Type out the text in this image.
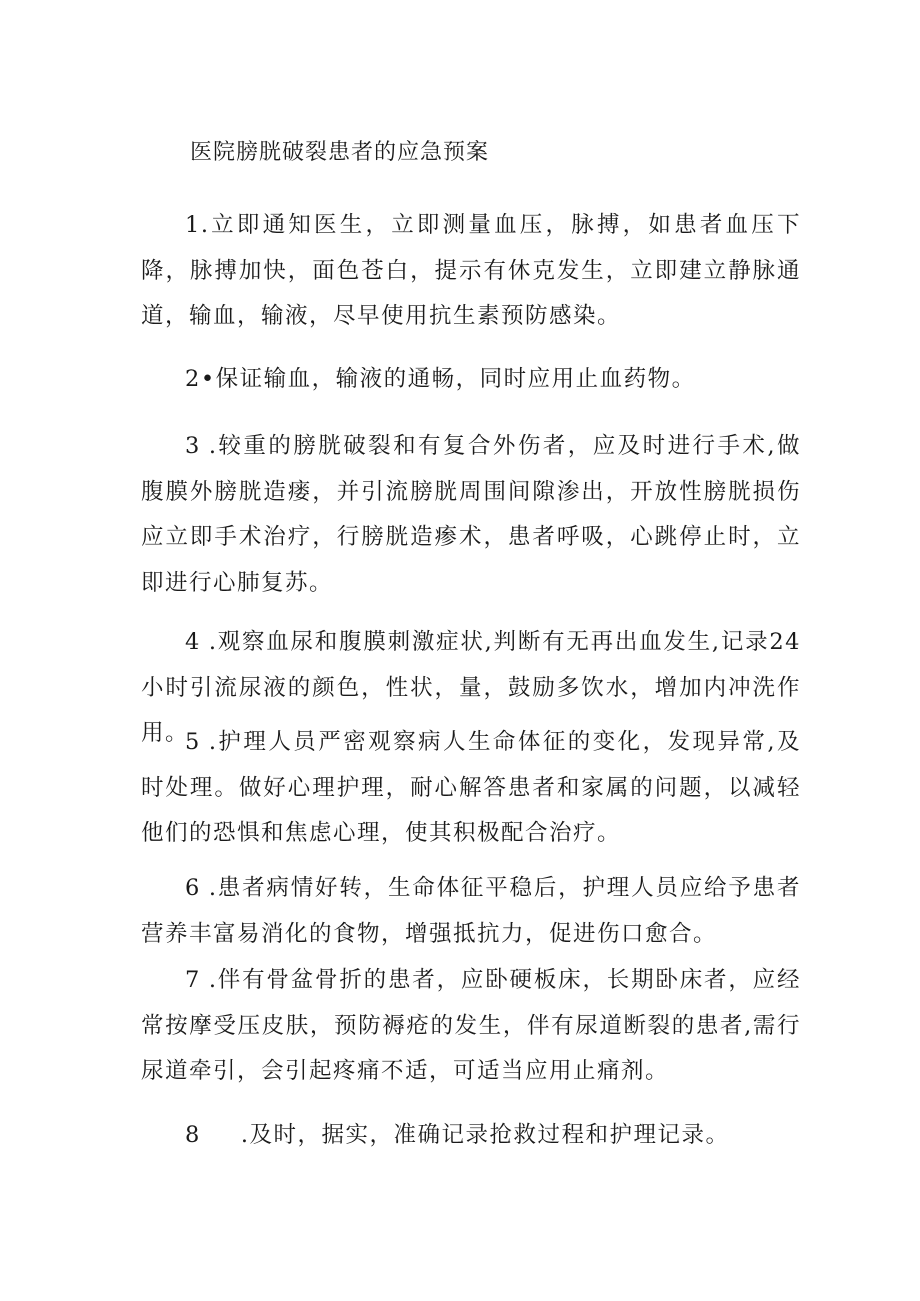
医院膀胱破裂患者的应急预案
1.立即通知医生，立即测量血压，脉搏，如患者血压下降，脉搏加快，面色苍白，提示有休克发生，立即建立静脉通道，输血，输液，尽早使用抗生素预防感染。
2•保证输血，输液的通畅，同时应用止血药物。
3 .较重的膀胱破裂和有复合外伤者，应及时进行手术,做腹膜外膀胱造瘘，并引流膀胱周围间隙渗出，开放性膀胱损伤应立即手术治疗，行膀胱造瘆术，患者呼吸，心跳停止时，立即进行心肺复苏。
4 .观察血尿和腹膜刺激症状,判断有无再出血发生,记录24小时引流尿液的颜色，性状，量，鼓励多饮水，增加内冲洗作用。
5 .护理人员严密观察病人生命体征的变化，发现异常,及时处理。做好心理护理，耐心解答患者和家属的问题，以减轻他们的恐惧和焦虑心理，使其积极配合治疗。
6 .患者病情好转，生命体征平稳后，护理人员应给予患者营养丰富易消化的食物，增强抵抗力，促进伤口愈合。
7 .伴有骨盆骨折的患者，应卧硬板床，长期卧床者，应经常按摩受压皮肤，预防褥疮的发生，伴有尿道断裂的患者,需行尿道牵引，会引起疼痛不适，可适当应用止痛剂。
8 .及时，据实，准确记录抢救过程和护理记录。
